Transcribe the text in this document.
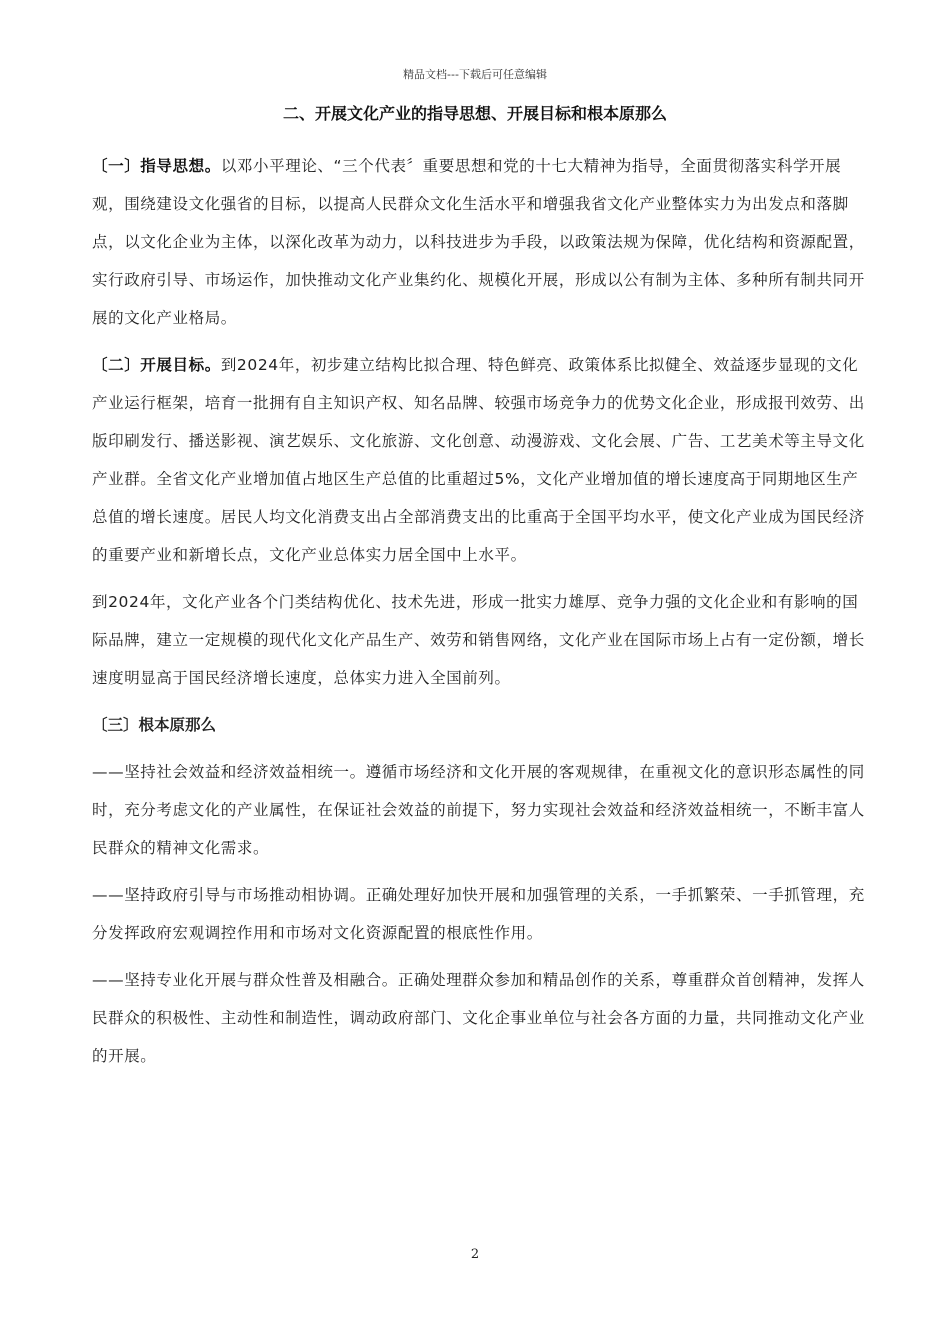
精品文档---下载后可任意编辑
二、开展文化产业的指导思想、开展目标和根本原那么

〔一〕指导思想。以邓小平理论、“三个代表〞重要思想和党的十七大精神为指导，全面贯彻落实科学开展观，围绕建设文化强省的目标，以提高人民群众文化生活水平和增强我省文化产业整体实力为出发点和落脚点，以文化企业为主体，以深化改革为动力，以科技进步为手段，以政策法规为保障，优化结构和资源配置，实行政府引导、市场运作，加快推动文化产业集约化、规模化开展，形成以公有制为主体、多种所有制共同开展的文化产业格局。

〔二〕开展目标。到2024年，初步建立结构比拟合理、特色鲜亮、政策体系比拟健全、效益逐步显现的文化产业运行框架，培育一批拥有自主知识产权、知名品牌、较强市场竞争力的优势文化企业，形成报刊效劳、出版印刷发行、播送影视、演艺娱乐、文化旅游、文化创意、动漫游戏、文化会展、广告、工艺美术等主导文化产业群。全省文化产业增加值占地区生产总值的比重超过5%，文化产业增加值的增长速度高于同期地区生产总值的增长速度。居民人均文化消费支出占全部消费支出的比重高于全国平均水平，使文化产业成为国民经济的重要产业和新增长点，文化产业总体实力居全国中上水平。

到2024年，文化产业各个门类结构优化、技术先进，形成一批实力雄厚、竞争力强的文化企业和有影响的国际品牌，建立一定规模的现代化文化产品生产、效劳和销售网络，文化产业在国际市场上占有一定份额，增长速度明显高于国民经济增长速度，总体实力进入全国前列。

〔三〕根本原那么

——坚持社会效益和经济效益相统一。遵循市场经济和文化开展的客观规律，在重视文化的意识形态属性的同时，充分考虑文化的产业属性，在保证社会效益的前提下，努力实现社会效益和经济效益相统一，不断丰富人民群众的精神文化需求。

——坚持政府引导与市场推动相协调。正确处理好加快开展和加强管理的关系，一手抓繁荣、一手抓管理，充分发挥政府宏观调控作用和市场对文化资源配置的根底性作用。

——坚持专业化开展与群众性普及相融合。正确处理群众参加和精品创作的关系，尊重群众首创精神，发挥人民群众的积极性、主动性和制造性，调动政府部门、文化企事业单位与社会各方面的力量，共同推动文化产业的开展。

2
